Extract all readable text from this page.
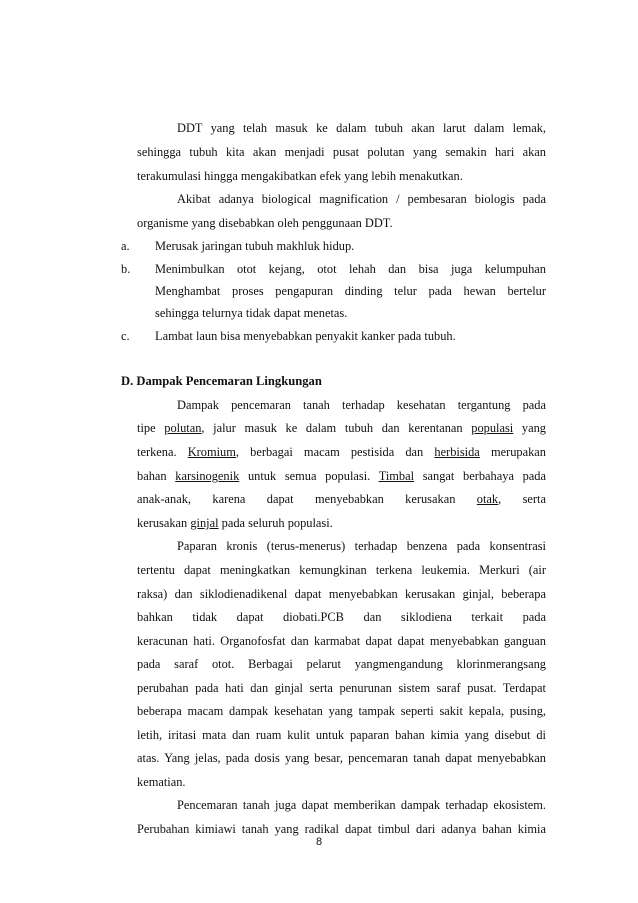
DDT yang telah masuk ke dalam tubuh akan larut dalam lemak,
sehingga tubuh kita akan menjadi pusat polutan yang semakin hari akan
terakumulasi hingga mengakibatkan efek yang lebih menakutkan.
Akibat adanya biological magnification / pembesaran biologis pada
organisme yang disebabkan oleh penggunaan DDT.
a. Merusak jaringan tubuh makhluk hidup.
b. Menimbulkan otot kejang, otot lehah dan bisa juga kelumpuhan
Menghambat proses pengapuran dinding telur pada hewan bertelur
sehingga telurnya tidak dapat menetas.
c. Lambat laun bisa menyebabkan penyakit kanker pada tubuh.
D. Dampak Pencemaran Lingkungan
Dampak pencemaran tanah terhadap kesehatan tergantung pada
tipe polutan, jalur masuk ke dalam tubuh dan kerentanan populasi yang
terkena. Kromium, berbagai macam pestisida dan herbisida merupakan
bahan karsinogenik untuk semua populasi. Timbal sangat berbahaya pada
anak-anak, karena dapat menyebabkan kerusakan otak, serta
kerusakan ginjal pada seluruh populasi.
Paparan kronis (terus-menerus) terhadap benzena pada konsentrasi
tertentu dapat meningkatkan kemungkinan terkena leukemia. Merkuri (air
raksa) dan siklodienadikenal dapat menyebabkan kerusakan ginjal, beberapa
bahkan tidak dapat diobati.PCB dan siklodiena terkait pada
keracunan hati. Organofosfat dan karmabat dapat dapat menyebabkan ganguan
pada saraf otot. Berbagai pelarut yangmengandung klorinmerangsang
perubahan pada hati dan ginjal serta penurunan sistem saraf pusat. Terdapat
beberapa macam dampak kesehatan yang tampak seperti sakit kepala, pusing,
letih, iritasi mata dan ruam kulit untuk paparan bahan kimia yang disebut di
atas. Yang jelas, pada dosis yang besar, pencemaran tanah dapat menyebabkan
kematian.
Pencemaran tanah juga dapat memberikan dampak terhadap ekosistem.
Perubahan kimiawi tanah yang radikal dapat timbul dari adanya bahan kimia
8
